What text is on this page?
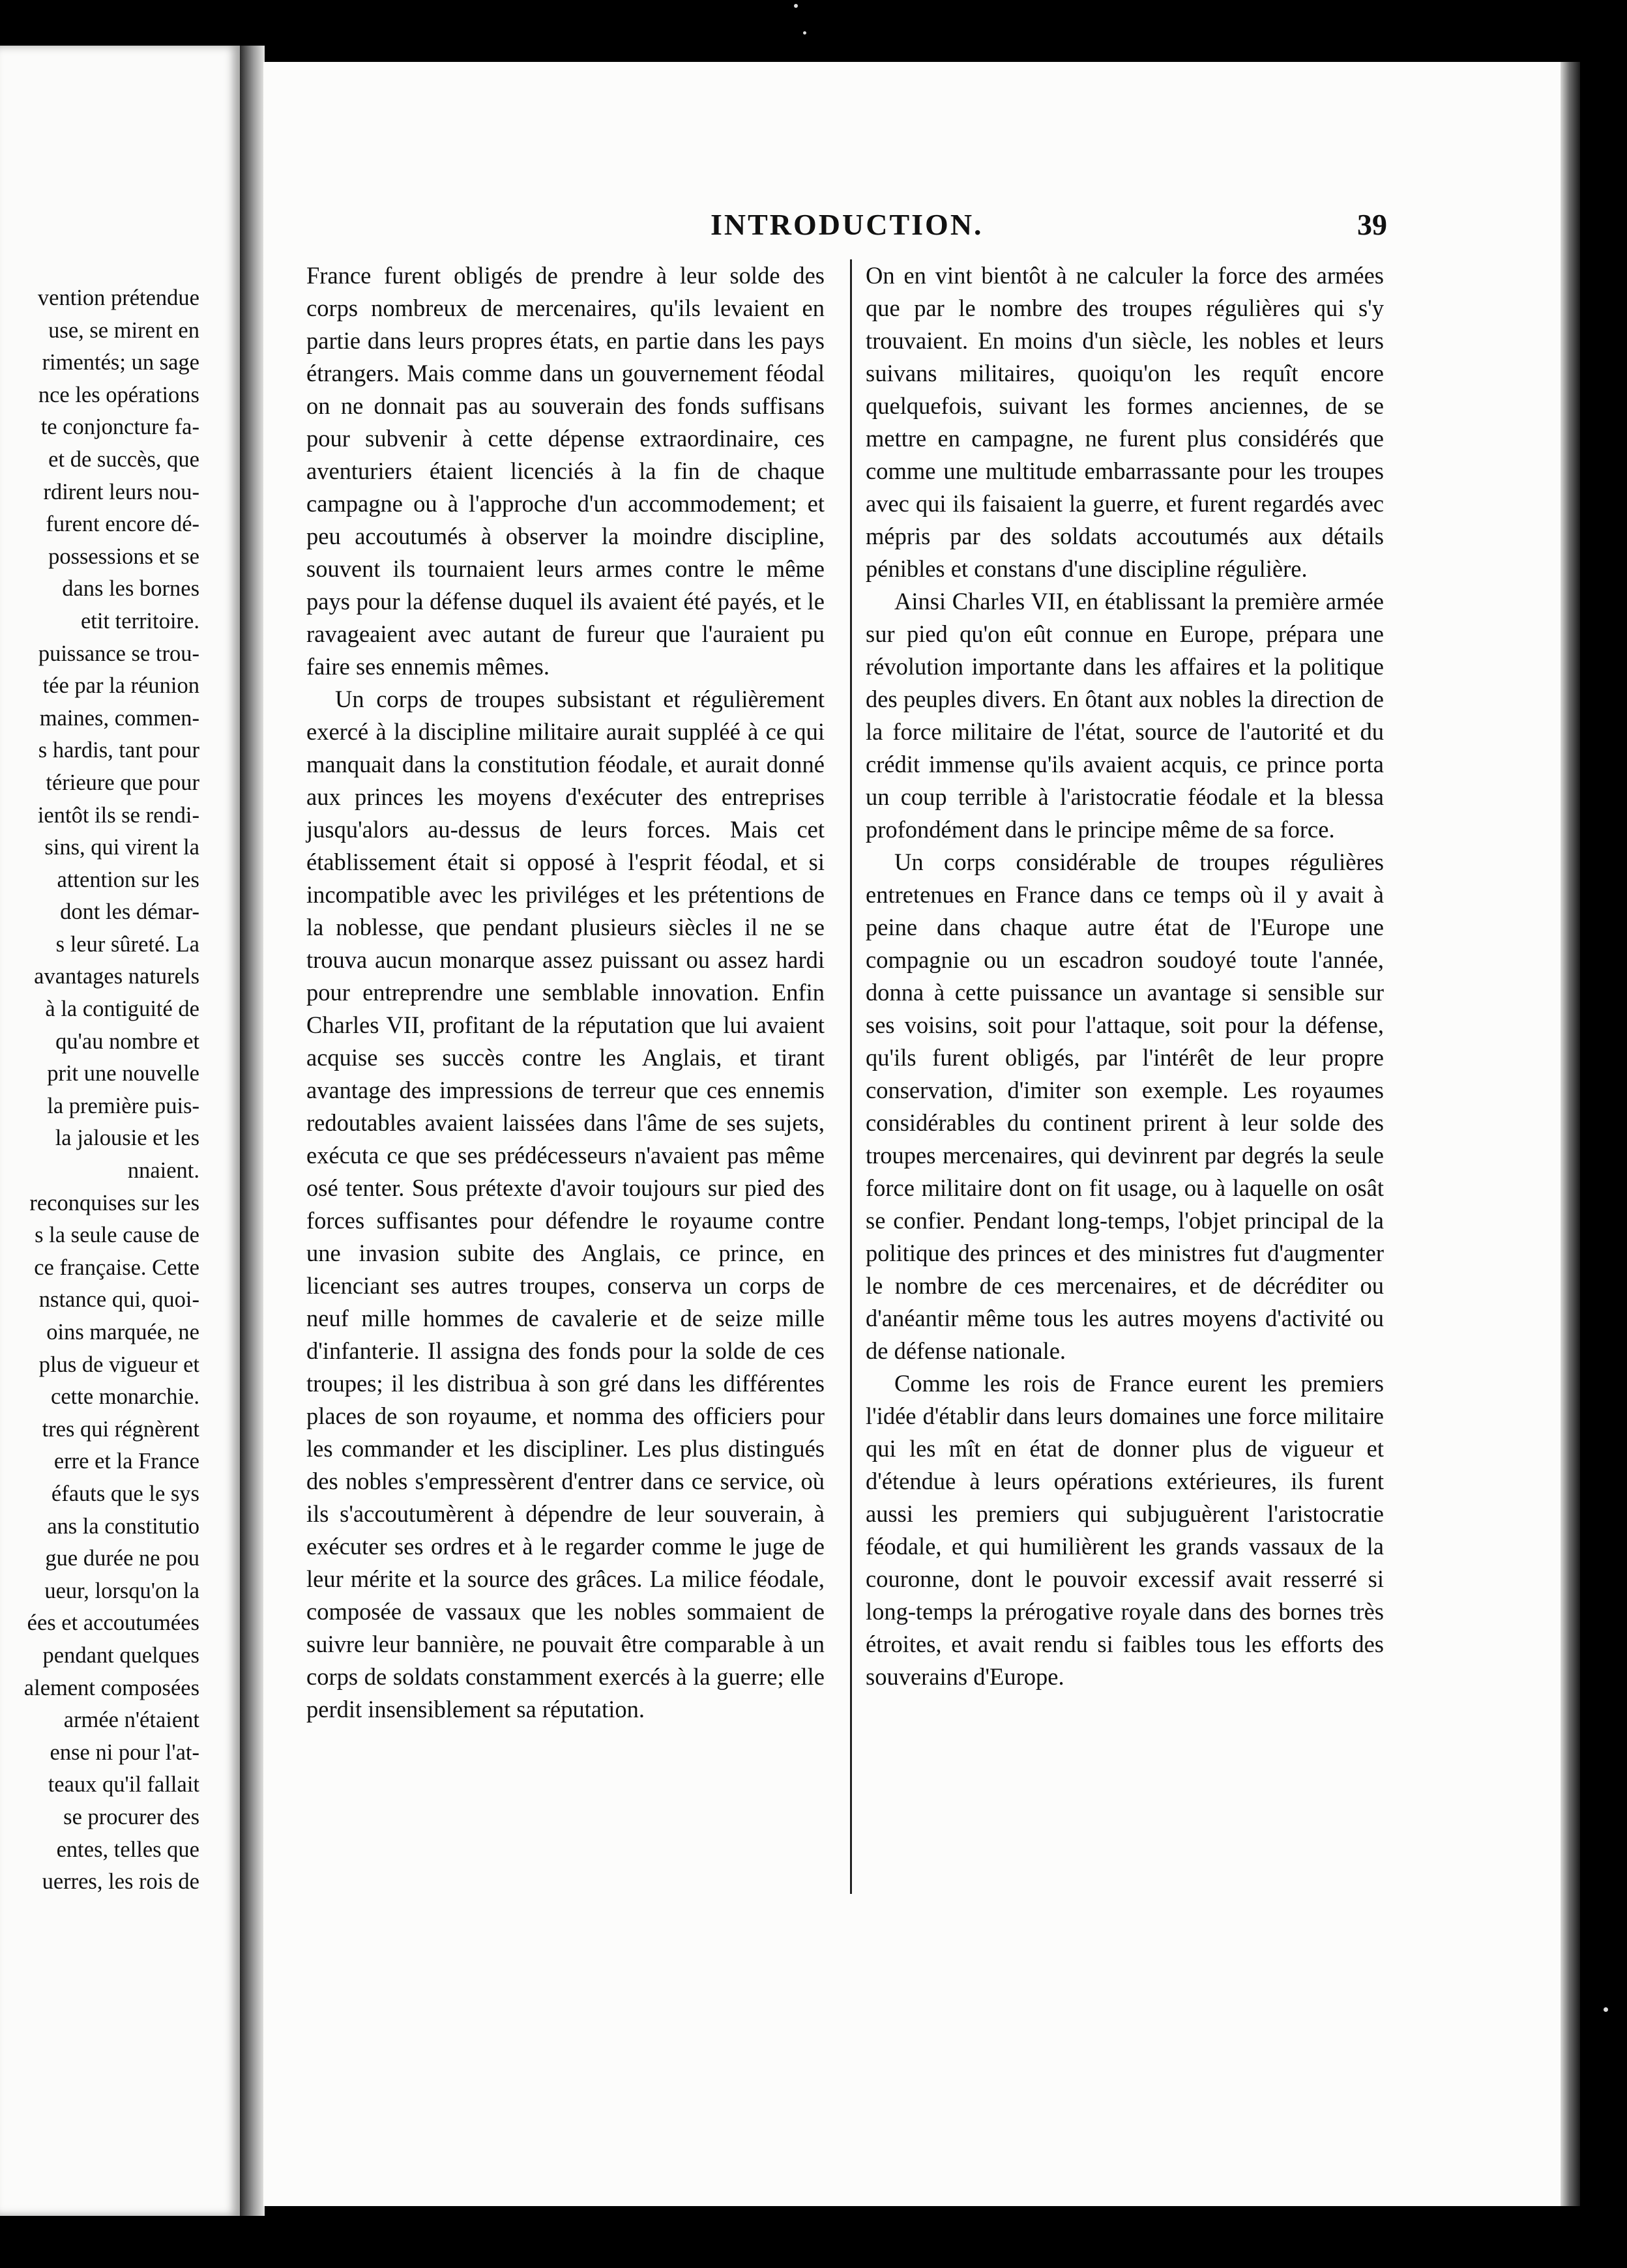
vention prétendue
use, se mirent en
rimentés; un sage
nce les opérations
te conjoncture fa-
et de succès, que
rdirent leurs nou-
furent encore dé-
possessions et se
dans les bornes
etit territoire.
puissance se trou-
tée par la réunion
maines, commen-
s hardis, tant pour
térieure que pour
ientôt ils se rendi-
sins, qui virent la
attention sur les
dont les démar-
s leur sûreté. La
avantages naturels
à la contiguité de
qu'au nombre et
prit une nouvelle
la première puis-
la jalousie et les
nnaient.
reconquises sur les
s la seule cause de
ce française. Cette
nstance qui, quoi-
oins marquée, ne
plus de vigueur et
cette monarchie.
tres qui régnèrent
erre et la France
éfauts que le sys
ans la constitutio
gue durée ne pou
ueur, lorsqu'on la
ées et accoutumées
pendant quelques
alement composées
armée n'étaient
ense ni pour l'at-
teaux qu'il fallait
se procurer des
entes, telles que
uerres, les rois de
INTRODUCTION.	39

France furent obligés de prendre à leur solde des corps nombreux de mercenaires, qu'ils levaient en partie dans leurs propres états, en partie dans les pays étrangers. Mais comme dans un gouvernement féodal on ne donnait pas au souverain des fonds suffisans pour subvenir à cette dépense extraordinaire, ces aventuriers étaient licenciés à la fin de chaque campagne ou à l'approche d'un accommodement; et peu accoutumés à observer la moindre discipline, souvent ils tournaient leurs armes contre le même pays pour la défense duquel ils avaient été payés, et le ravageaient avec autant de fureur que l'auraient pu faire ses ennemis mêmes.

Un corps de troupes subsistant et régulièrement exercé à la discipline militaire aurait suppléé à ce qui manquait dans la constitution féodale, et aurait donné aux princes les moyens d'exécuter des entreprises jusqu'alors au-dessus de leurs forces. Mais cet établissement était si opposé à l'esprit féodal, et si incompatible avec les priviléges et les prétentions de la noblesse, que pendant plusieurs siècles il ne se trouva aucun monarque assez puissant ou assez hardi pour entreprendre une semblable innovation. Enfin Charles VII, profitant de la réputation que lui avaient acquise ses succès contre les Anglais, et tirant avantage des impressions de terreur que ces ennemis redoutables avaient laissées dans l'âme de ses sujets, exécuta ce que ses prédécesseurs n'avaient pas même osé tenter. Sous prétexte d'avoir toujours sur pied des forces suffisantes pour défendre le royaume contre une invasion subite des Anglais, ce prince, en licenciant ses autres troupes, conserva un corps de neuf mille hommes de cavalerie et de seize mille d'infanterie. Il assigna des fonds pour la solde de ces troupes; il les distribua à son gré dans les différentes places de son royaume, et nomma des officiers pour les commander et les discipliner. Les plus distingués des nobles s'empressèrent d'entrer dans ce service, où ils s'accoutumèrent à dépendre de leur souverain, à exécuter ses ordres et à le regarder comme le juge de leur mérite et la source des grâces. La milice féodale, composée de vassaux que les nobles sommaient de suivre leur bannière, ne pouvait être comparable à un corps de soldats constamment exercés à la guerre; elle perdit insensiblement sa réputation.

On en vint bientôt à ne calculer la force des armées que par le nombre des troupes régulières qui s'y trouvaient. En moins d'un siècle, les nobles et leurs suivans militaires, quoiqu'on les requît encore quelquefois, suivant les formes anciennes, de se mettre en campagne, ne furent plus considérés que comme une multitude embarrassante pour les troupes avec qui ils faisaient la guerre, et furent regardés avec mépris par des soldats accoutumés aux détails pénibles et constans d'une discipline régulière.

Ainsi Charles VII, en établissant la première armée sur pied qu'on eût connue en Europe, prépara une révolution importante dans les affaires et la politique des peuples divers. En ôtant aux nobles la direction de la force militaire de l'état, source de l'autorité et du crédit immense qu'ils avaient acquis, ce prince porta un coup terrible à l'aristocratie féodale et la blessa profondément dans le principe même de sa force.

Un corps considérable de troupes régulières entretenues en France dans ce temps où il y avait à peine dans chaque autre état de l'Europe une compagnie ou un escadron soudoyé toute l'année, donna à cette puissance un avantage si sensible sur ses voisins, soit pour l'attaque, soit pour la défense, qu'ils furent obligés, par l'intérêt de leur propre conservation, d'imiter son exemple. Les royaumes considérables du continent prirent à leur solde des troupes mercenaires, qui devinrent par degrés la seule force militaire dont on fit usage, ou à laquelle on osât se confier. Pendant long-temps, l'objet principal de la politique des princes et des ministres fut d'augmenter le nombre de ces mercenaires, et de décréditer ou d'anéantir même tous les autres moyens d'activité ou de défense nationale.

Comme les rois de France eurent les premiers l'idée d'établir dans leurs domaines une force militaire qui les mît en état de donner plus de vigueur et d'étendue à leurs opérations extérieures, ils furent aussi les premiers qui subjuguèrent l'aristocratie féodale, et qui humilièrent les grands vassaux de la couronne, dont le pouvoir excessif avait resserré si long-temps la prérogative royale dans des bornes très étroites, et avait rendu si faibles tous les efforts des souverains d'Europe.
